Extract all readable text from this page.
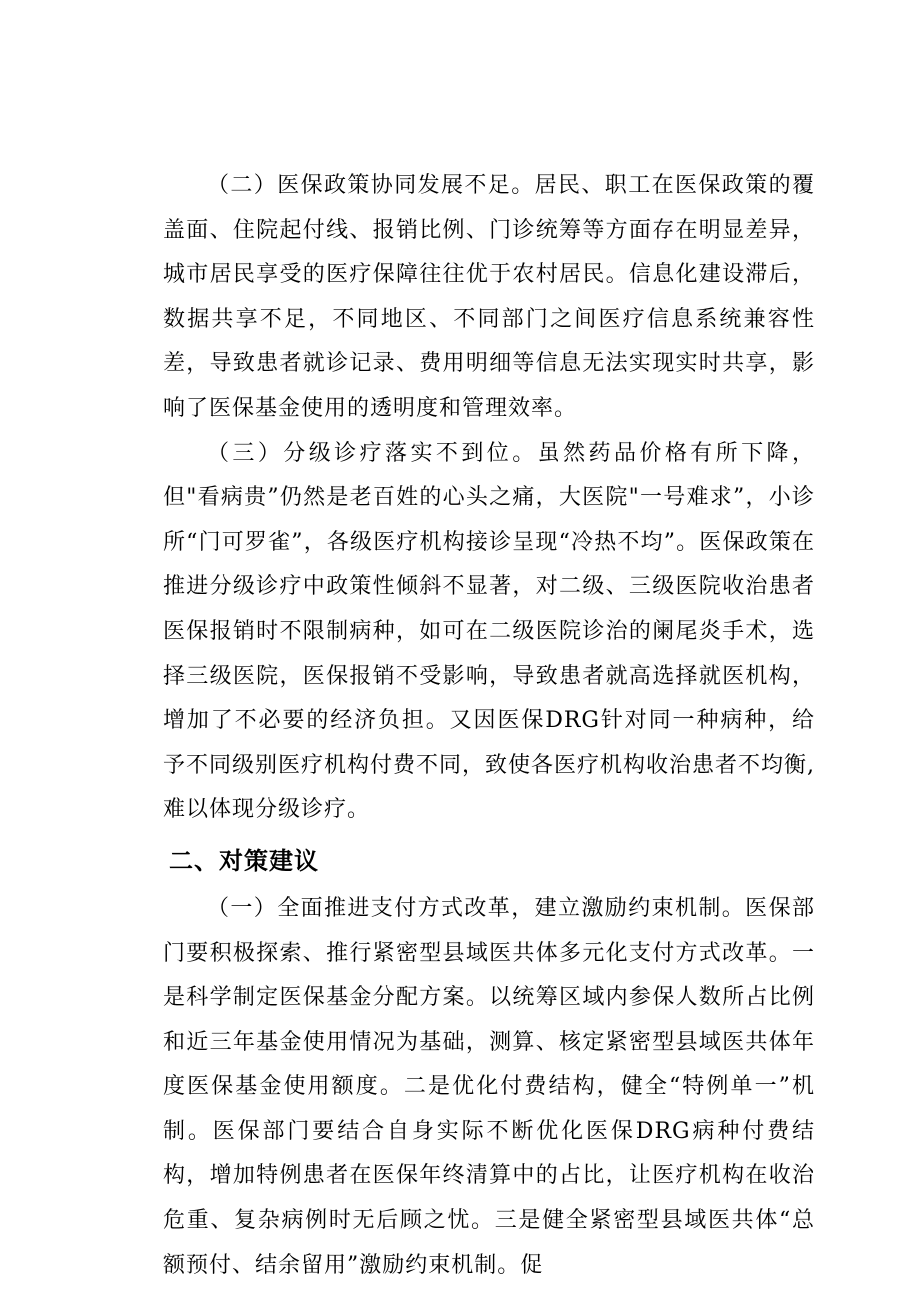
（二）医保政策协同发展不足。居民、职工在医保政策的覆盖面、住院起付线、报销比例、门诊统筹等方面存在明显差异，城市居民享受的医疗保障往往优于农村居民。信息化建设滞后，数据共享不足，不同地区、不同部门之间医疗信息系统兼容性差，导致患者就诊记录、费用明细等信息无法实现实时共享，影响了医保基金使用的透明度和管理效率。

（三）分级诊疗落实不到位。虽然药品价格有所下降，但"看病贵”仍然是老百姓的心头之痛，大医院"一号难求”，小诊所“门可罗雀”，各级医疗机构接诊呈现“冷热不均”。医保政策在推进分级诊疗中政策性倾斜不显著，对二级、三级医院收治患者医保报销时不限制病种，如可在二级医院诊治的阑尾炎手术，选择三级医院，医保报销不受影响，导致患者就高选择就医机构，增加了不必要的经济负担。又因医保DRG针对同一种病种，给予不同级别医疗机构付费不同，致使各医疗机构收治患者不均衡,难以体现分级诊疗。

二、对策建议

（一）全面推进支付方式改革，建立激励约束机制。医保部门要积极探索、推行紧密型县域医共体多元化支付方式改革。一是科学制定医保基金分配方案。以统筹区域内参保人数所占比例和近三年基金使用情况为基础，测算、核定紧密型县域医共体年度医保基金使用额度。二是优化付费结构，健全“特例单一”机制。医保部门要结合自身实际不断优化医保DRG病种付费结构，增加特例患者在医保年终清算中的占比，让医疗机构在收治危重、复杂病例时无后顾之忧。三是健全紧密型县域医共体“总额预付、结余留用”激励约束机制。促
